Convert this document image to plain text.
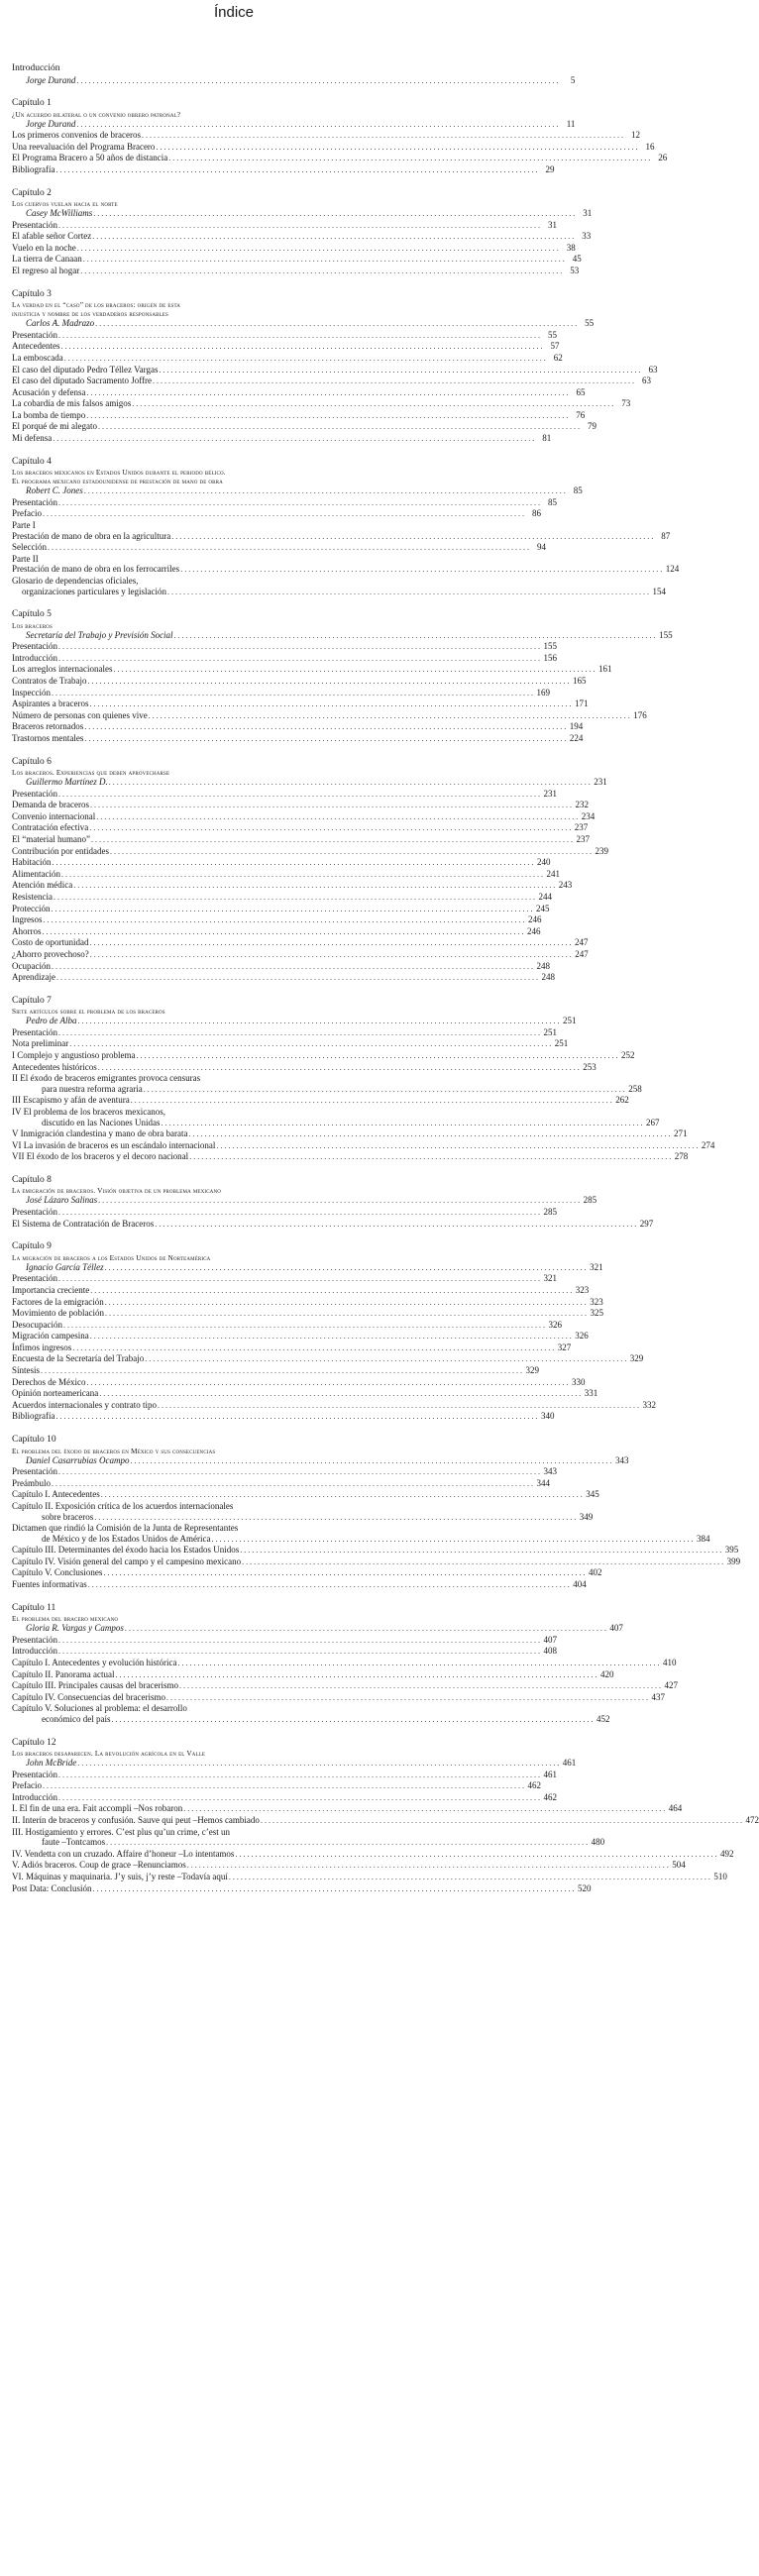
Índice
Introducción
Jorge Durand . . .	5
Capítulo 1
¿Un acuerdo bilateral o un convenio obrero patronal?
Jorge Durand . . .	11
Los primeros convenios de braceros . . .	12
Una reevaluación del Programa Bracero . . .	16
El Programa Bracero a 50 años de distancia . . .	26
Bibliografía . . .	29
Capítulo 2
Los cuervos vuelan hacia el norte
Casey McWilliams . . .	31
Presentación . . .	31
El afable señor Cortez . . .	33
Vuelo en la noche . . .	38
La tierra de Canaan . . .	45
El regreso al hogar . . .	53
Capítulo 3
La verdad en el “caso” de los braceros: origen de esta
injusticia y nombre de los verdaderos responsables
Carlos A. Madrazo . . .	55
Presentación . . .	55
Antecedentes . . .	57
La emboscada . . .	62
El caso del diputado Pedro Téllez Vargas . . .	63
El caso del diputado Sacramento Joffre . . .	63
Acusación y defensa . . .	65
La cobardía de mis falsos amigos . . .	73
La bomba de tiempo . . .	76
El porqué de mi alegato . . .	79
Mi defensa . . .	81
Capítulo 4
Los braceros mexicanos en Estados Unidos durante el periodo bélico.
El programa mexicano estadounidense de prestación de mano de obra
Robert C. Jones . . .	85
Presentación . . .	85
Prefacio . . .	86
Parte I
Prestación de mano de obra en la agricultura . . .	87
Selección . . .	94
Parte II
Prestación de mano de obra en los ferrocarriles . . .	124
Glosario de dependencias oficiales,
organizaciones particulares y legislación . . .	154
Capítulo 5
Los braceros
Secretaría del Trabajo y Previsión Social . . .	155
Presentación . . .	155
Introducción . . .	156
Los arreglos internacionales . . .	161
Contratos de Trabajo . . .	165
Inspección . . .	169
Aspirantes a braceros . . .	171
Número de personas con quienes vive . . .	176
Braceros retornados . . .	194
Trastornos mentales . . .	224
Capítulo 6
Los braceros. Experiencias que deben aprovecharse
Guillermo Martínez D. . . .	231
Presentación . . .	231
Demanda de braceros . . .	232
Convenio internacional . . .	234
Contratación efectiva . . .	237
El “material humano” . . .	237
Contribución por entidades . . .	239
Habitación . . .	240
Alimentación . . .	241
Atención médica . . .	243
Resistencia . . .	244
Protección . . .	245
Ingresos . . .	246
Ahorros . . .	246
Costo de oportunidad . . .	247
¿Ahorro provechoso? . . .	247
Ocupación . . .	248
Aprendizaje . . .	248
Capítulo 7
Siete artículos sobre el problema de los braceros
Pedro de Alba . . .	251
Presentación . . .	251
Nota preliminar . . .	251
I Complejo y angustioso problema . . .	252
Antecedentes históricos . . .	253
II El éxodo de braceros emigrantes provoca censuras
para nuestra reforma agraria . . .	258
III Escapismo y afán de aventura . . .	262
IV El problema de los braceros mexicanos,
discutido en las Naciones Unidas . . .	267
V Inmigración clandestina y mano de obra barata . . .	271
VI La invasión de braceros es un escándalo internacional . . .	274
VII El éxodo de los braceros y el decoro nacional . . .	278
Capítulo 8
La emigración de braceros. Visión objetiva de un problema mexicano
José Lázaro Salinas . . .	285
Presentación . . .	285
El Sistema de Contratación de Braceros . . .	297
Capítulo 9
La migración de braceros a los Estados Unidos de Norteamérica
Ignacio García Téllez . . .	321
Presentación . . .	321
Importancia creciente . . .	323
Factores de la emigración . . .	323
Movimiento de población . . .	325
Desocupación . . .	326
Migración campesina . . .	326
Ínfimos ingresos . . .	327
Encuesta de la Secretaría del Trabajo . . .	329
Síntesis . . .	329
Derechos de México . . .	330
Opinión norteamericana . . .	331
Acuerdos internacionales y contrato tipo . . .	332
Bibliografía . . .	340
Capítulo 10
El problema del éxodo de braceros en México y sus consecuencias
Daniel Casarrubias Ocampo . . .	343
Presentación . . .	343
Preámbulo . . .	344
Capítulo I. Antecedentes . . .	345
Capítulo II. Exposición crítica de los acuerdos internacionales
sobre braceros . . .	349
Dictamen que rindió la Comisión de la Junta de Representantes
de México y de los Estados Unidos de América . . .	384
Capítulo III. Determinantes del éxodo hacia los Estados Unidos . . .	395
Capítulo IV. Visión general del campo y el campesino mexicano . . .	399
Capítulo V. Conclusiones . . .	402
Fuentes informativas . . .	404
Capítulo 11
El problema del bracero mexicano
Gloria R. Vargas y Campos . . .	407
Presentación . . .	407
Introducción . . .	408
Capítulo I. Antecedentes y evolución histórica . . .	410
Capítulo II. Panorama actual . . .	420
Capítulo III. Principales causas del bracerismo . . .	427
Capítulo IV. Consecuencias del bracerismo . . .	437
Capítulo V. Soluciones al problema: el desarrollo
económico del país . . .	452
Capítulo 12
Los braceros desaparecen. La revolución agrícola en el Valle
John McBride . . .	461
Presentación . . .	461
Prefacio . . .	462
Introducción . . .	462
I. El fin de una era. Fait accompli –Nos robaron . . .	464
II. Interín de braceros y confusión. Sauve qui peut –Hemos cambiado . . .	472
III. Hostigamiento y errores. C’est plus qu’un crime, c’est un
faute –Tontcamos . . .	480
IV. Vendetta con un cruzado. Affaire d’honeur –Lo intentamos . . .	492
V. Adiós braceros. Coup de grace –Renunciamos . . .	504
VI. Máquinas y maquinaria. J’y suis, j’y reste –Todavía aquí . . .	510
Post Data: Conclusión . . .	520
